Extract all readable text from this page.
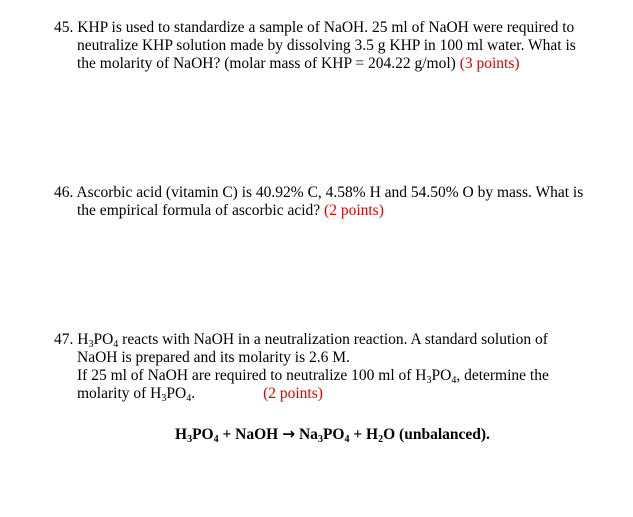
45. KHP is used to standardize a sample of NaOH. 25 ml of NaOH were required to
neutralize KHP solution made by dissolving 3.5 g KHP in 100 ml water. What is
the molarity of NaOH? (molar mass of KHP = 204.22 g/mol) (3 points)
46. Ascorbic acid (vitamin C) is 40.92% C, 4.58% H and 54.50% O by mass. What is
the empirical formula of ascorbic acid? (2 points)
47. $H_3PO_4$ reacts with NaOH in a neutralization reaction. A standard solution of
NaOH is prepared and its molarity is 2.6 M.
If 25 ml of NaOH are required to neutralize 100 ml of $H_3PO_4$, determine the
molarity of $H_3PO_4$.	(2 points)
$H_3PO_4$ + NaOH → $Na_3PO_4 + H_2O$ (unbalanced).
